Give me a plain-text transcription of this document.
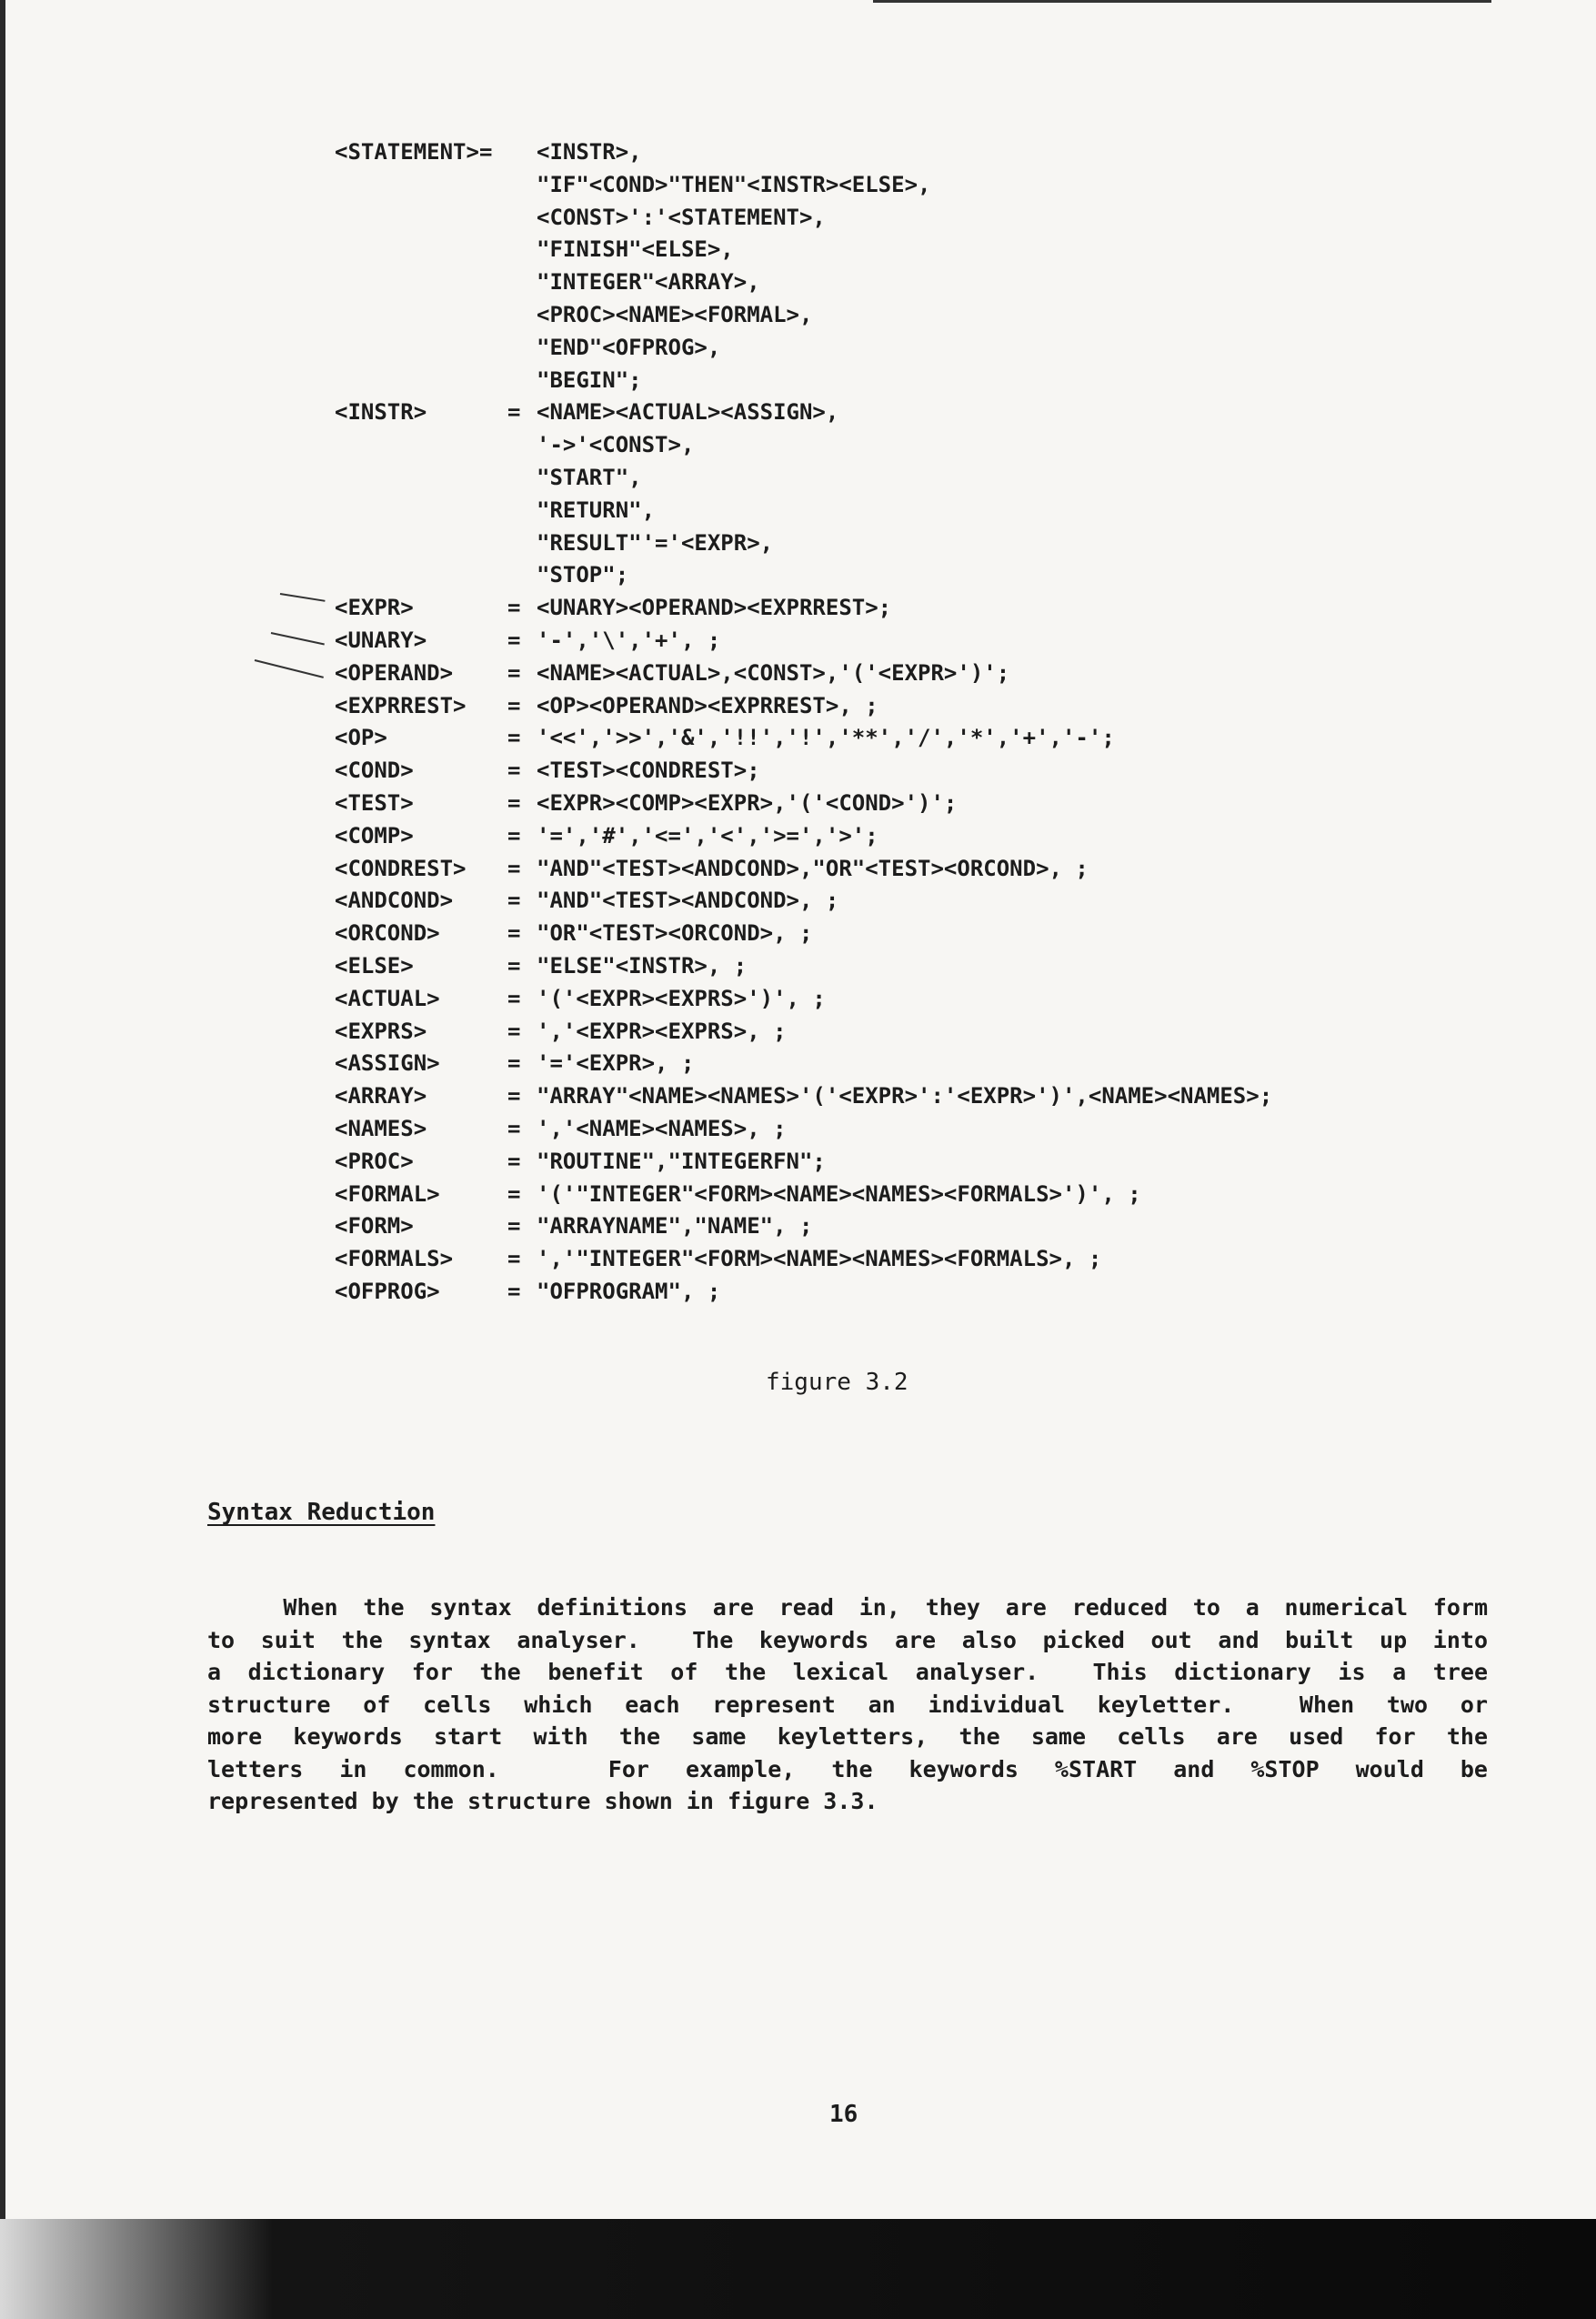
<STATEMENT>=	<INSTR>,
"IF"<COND>"THEN"<INSTR><ELSE>,
<CONST>':'<STATEMENT>,
"FINISH"<ELSE>,
"INTEGER"<ARRAY>,
<PROC><NAME><FORMAL>,
"END"<OFPROG>,
"BEGIN";
<INSTR>	= <NAME><ACTUAL><ASSIGN>,
'->'<CONST>,
"START",
"RETURN",
"RESULT"'='<EXPR>,
"STOP";
<EXPR>	= <UNARY><OPERAND><EXPRREST>;
<UNARY>	= '-','\','+', ;
<OPERAND>	= <NAME><ACTUAL>,<CONST>,'('<EXPR>')';
<EXPRREST>	= <OP><OPERAND><EXPRREST>, ;
<OP>	= '<<','>>','&','!!','!','**','/','*','+','-';
<COND>	= <TEST><CONDREST>;
<TEST>	= <EXPR><COMP><EXPR>,'('<COND>')';
<COMP>	= '=','#','<=','<','>=','>';
<CONDREST>	= "AND"<TEST><ANDCOND>,"OR"<TEST><ORCOND>, ;
<ANDCOND>	= "AND"<TEST><ANDCOND>, ;
<ORCOND>	= "OR"<TEST><ORCOND>, ;
<ELSE>	= "ELSE"<INSTR>, ;
<ACTUAL>	= '('<EXPR><EXPRS>')', ;
<EXPRS>	= ','<EXPR><EXPRS>, ;
<ASSIGN>	= '='<EXPR>, ;
<ARRAY>	= "ARRAY"<NAME><NAMES>'('<EXPR>':'<EXPR>')',<NAME><NAMES>;
<NAMES>	= ','<NAME><NAMES>, ;
<PROC>	= "ROUTINE","INTEGERFN";
<FORMAL>	= '('"INTEGER"<FORM><NAME><NAMES><FORMALS>')', ;
<FORM>	= "ARRAYNAME","NAME", ;
<FORMALS>	= ','"INTEGER"<FORM><NAME><NAMES><FORMALS>, ;
<OFPROG>	= "OFPROGRAM", ;
figure 3.2
Syntax Reduction
When the syntax definitions are read in, they are reduced to a numerical form
to suit the syntax analyser.  The keywords are also picked out and built up into
a dictionary for the benefit of the lexical analyser.  This dictionary is a tree
structure of cells which each represent an individual keyletter.  When two or
more keywords start with the same keyletters, the same cells are used for the
letters in common.   For example, the keywords %START and %STOP would be
represented by the structure shown in figure 3.3.
16
